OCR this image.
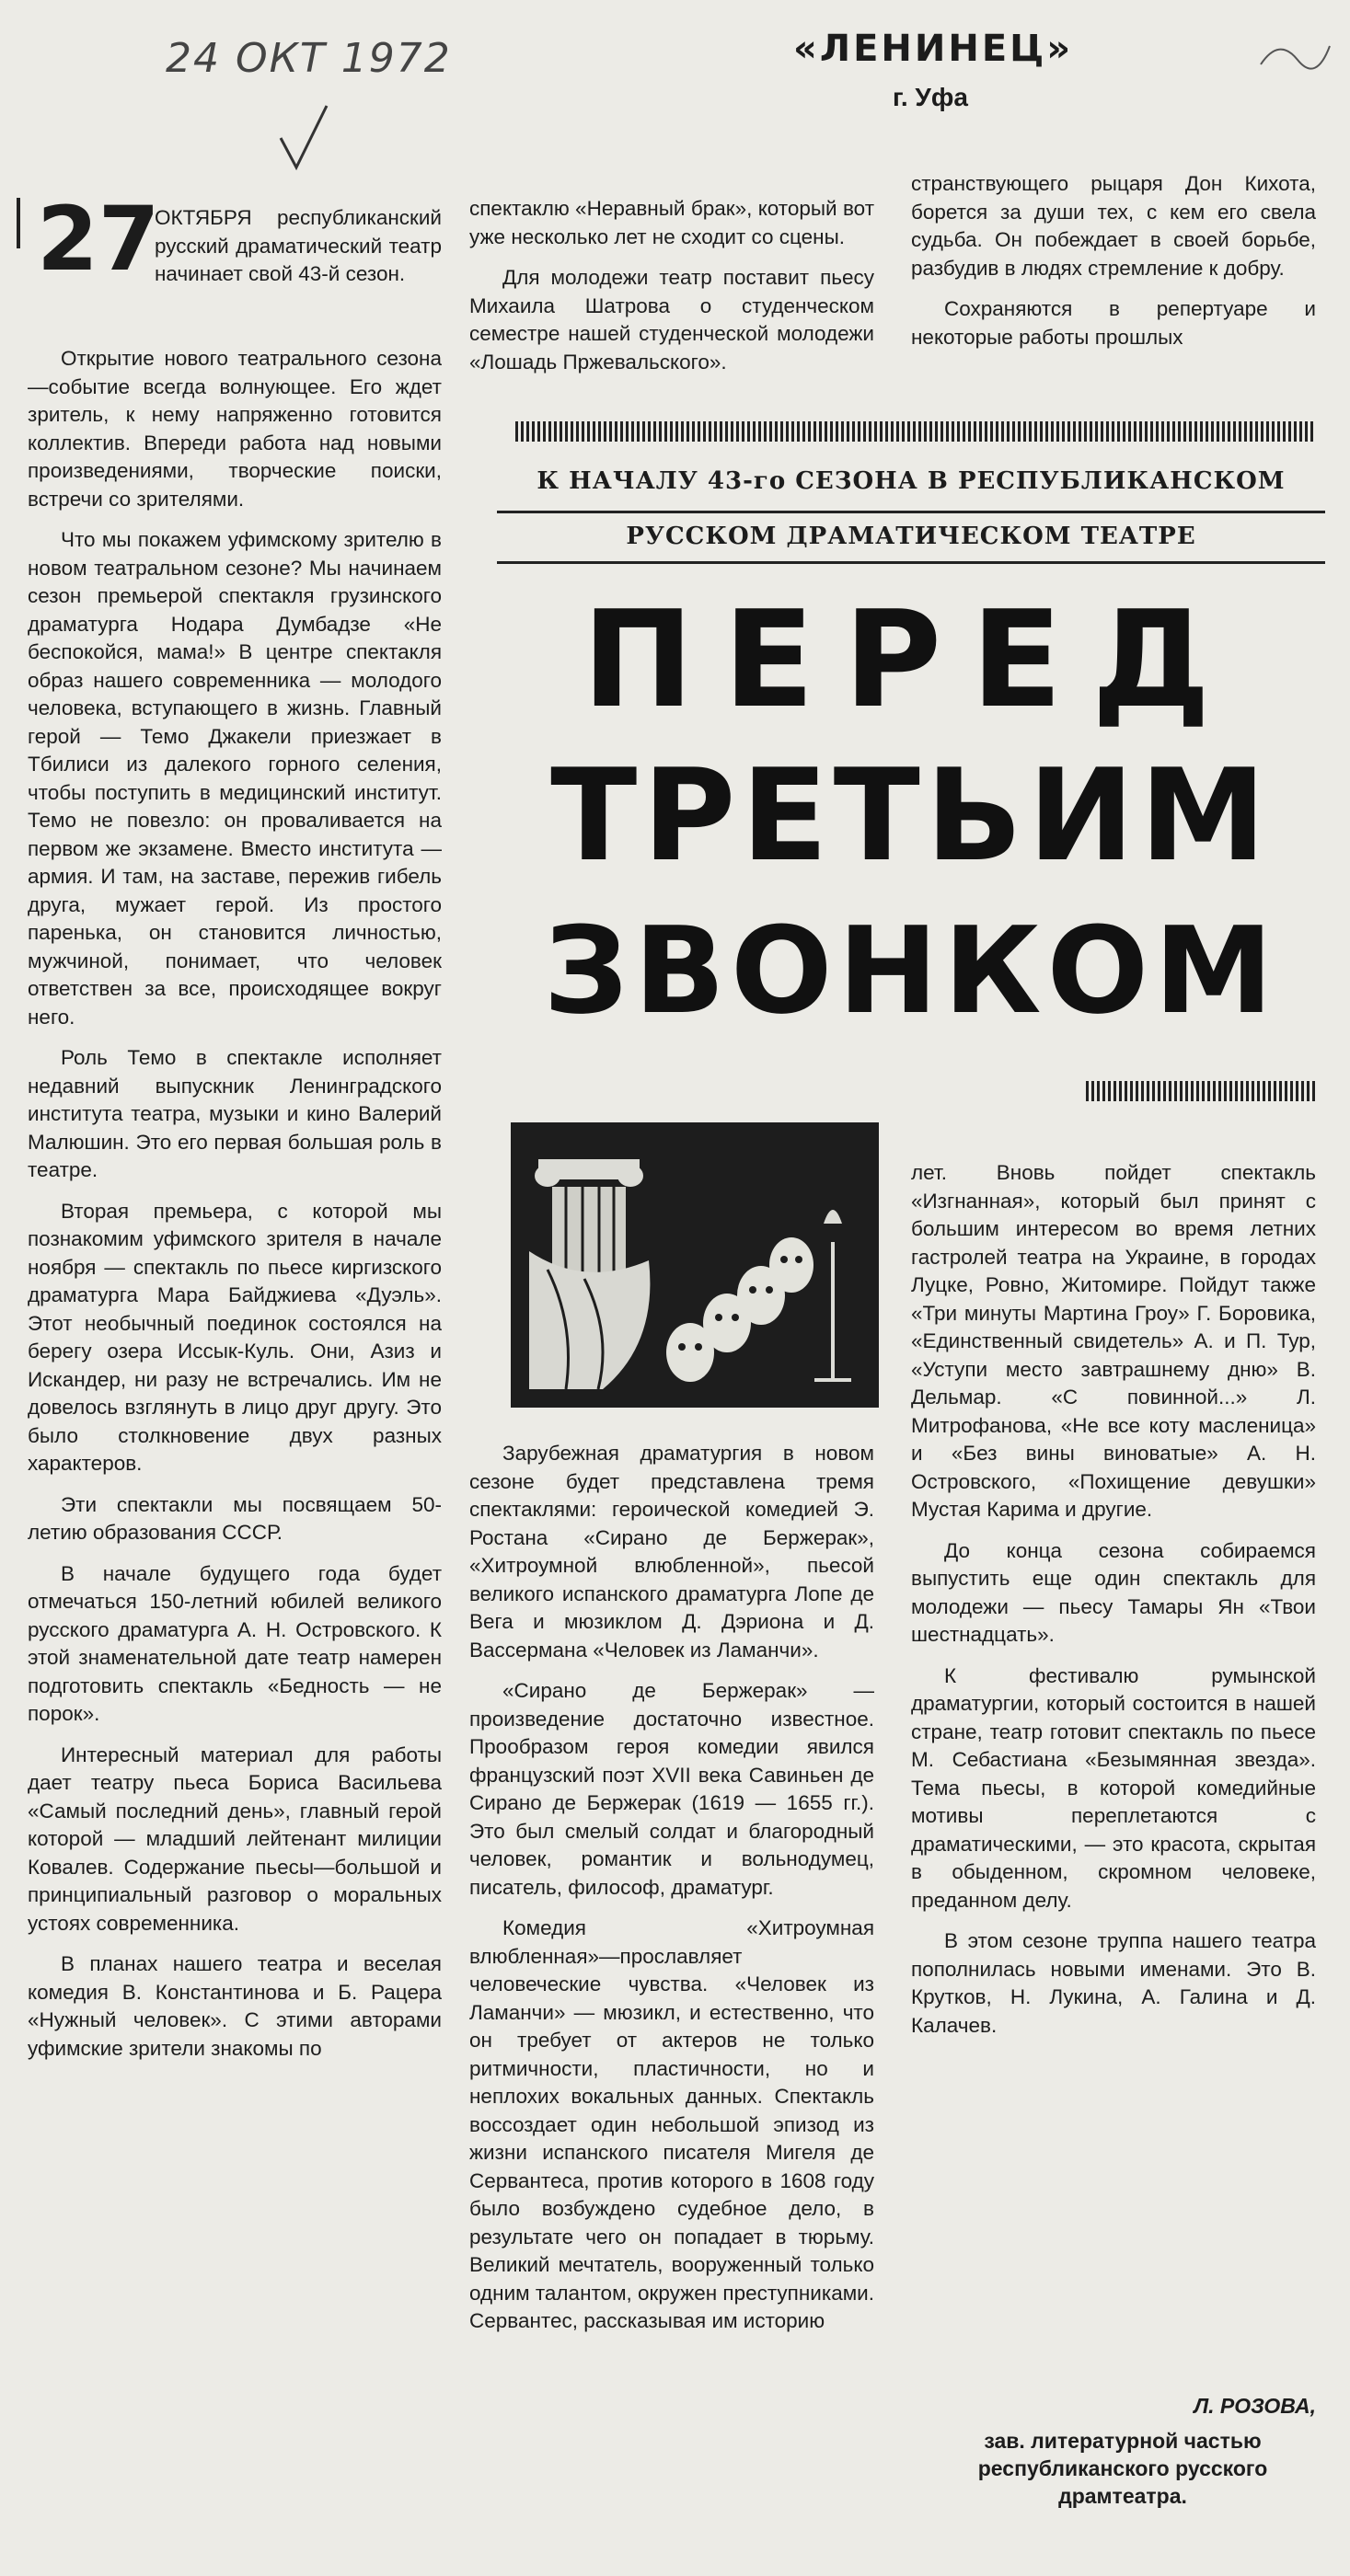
24 ОКТ 1972	«ЛЕНИНЕЦ»
г. Уфа
27
ОКТЯБРЯ республиканский русский драматический театр начинает свой 43-й сезон.

Открытие нового театрального сезона—событие всегда волнующее. Его ждет зритель, к нему напряженно готовится коллектив. Впереди работа над новыми произведениями, творческие поиски, встречи со зрителями.

Что мы покажем уфимскому зрителю в новом театральном сезоне? Мы начинаем сезон премьерой спектакля грузинского драматурга Нодара Думбадзе «Не беспокойся, мама!» В центре спектакля образ нашего современника — молодого человека, вступающего в жизнь. Главный герой — Темо Джакели приезжает в Тбилиси из далекого горного селения, чтобы поступить в медицинский институт. Темо не повезло: он проваливается на первом же экзамене. Вместо института — армия. И там, на заставе, пережив гибель друга, мужает герой. Из простого паренька, он становится личностью, мужчиной, понимает, что человек ответствен за все, происходящее вокруг него.

Роль Темо в спектакле исполняет недавний выпускник Ленинградского института театра, музыки и кино Валерий Малюшин. Это его первая большая роль в театре.

Вторая премьера, с которой мы познакомим уфимского зрителя в начале ноября — спектакль по пьесе киргизского драматурга Мара Байджиева «Дуэль». Этот необычный поединок состоялся на берегу озера Иссык-Куль. Они, Азиз и Искандер, ни разу не встречались. Им не довелось взглянуть в лицо друг другу. Это было столкновение двух разных характеров.

Эти спектакли мы посвящаем 50-летию образования СССР.

В начале будущего года будет отмечаться 150-летний юбилей великого русского драматурга А. Н. Островского. К этой знаменательной дате театр намерен подготовить спектакль «Бедность — не порок».

Интересный материал для работы дает театру пьеса Бориса Васильева «Самый последний день», главный герой которой — младший лейтенант милиции Ковалев. Содержание пьесы—большой и принципиальный разговор о моральных устоях современника.

В планах нашего театра и веселая комедия В. Константинова и Б. Рацера «Нужный человек». С этими авторами уфимские зрители знакомы по

спектаклю «Неравный брак», который вот уже несколько лет не сходит со сцены.

Для молодежи театр поставит пьесу Михаила Шатрова о студенческом семестре нашей студенческой молодежи «Лошадь Пржевальского».

странствующего рыцаря Дон Кихота, борется за души тех, с кем его свела судьба. Он побеждает в своей борьбе, разбудив в людях стремление к добру.

Сохраняются в репертуаре и некоторые работы прошлых

К НАЧАЛУ 43-го СЕЗОНА В РЕСПУБЛИКАНСКОМ
РУССКОМ ДРАМАТИЧЕСКОМ ТЕАТРЕ
ПЕРЕД
ТРЕТЬИМ
ЗВОНКОМ

Зарубежная драматургия в новом сезоне будет представлена тремя спектаклями: героической комедией Э. Ростана «Сирано де Бержерак», «Хитроумной влюбленной», пьесой великого испанского драматурга Лопе де Вега и мюзиклом Д. Дэриона и Д. Вассермана «Человек из Ламанчи».

«Сирано де Бержерак» — произведение достаточно известное. Прообразом героя комедии явился французский поэт XVII века Савиньен де Сирано де Бержерак (1619 — 1655 гг.). Это был смелый солдат и благородный человек, романтик и вольнодумец, писатель, философ, драматург.

Комедия «Хитроумная влюбленная»—прославляет человеческие чувства. «Человек из Ламанчи» — мюзикл, и естественно, что он требует от актеров не только ритмичности, пластичности, но и неплохих вокальных данных. Спектакль воссоздает один небольшой эпизод из жизни испанского писателя Мигеля де Сервантеса, против которого в 1608 году было возбуждено судебное дело, в результате чего он попадает в тюрьму. Великий мечтатель, вооруженный только одним талантом, окружен преступниками. Сервантес, рассказывая им историю

лет. Вновь пойдет спектакль «Изгнанная», который был принят с большим интересом во время летних гастролей театра на Украине, в городах Луцке, Ровно, Житомире. Пойдут также «Три минуты Мартина Гроу» Г. Боровика, «Единственный свидетель» А. и П. Тур, «Уступи место завтрашнему дню» В. Дельмар. «С повинной...» Л. Митрофанова, «Не все коту масленица» и «Без вины виноватые» А. Н. Островского, «Похищение девушки» Мустая Карима и другие.

До конца сезона собираемся выпустить еще один спектакль для молодежи — пьесу Тамары Ян «Твои шестнадцать».

К фестивалю румынской драматургии, который состоится в нашей стране, театр готовит спектакль по пьесе М. Себастиана «Безымянная звезда». Тема пьесы, в которой комедийные мотивы переплетаются с драматическими, — это красота, скрытая в обыденном, скромном человеке, преданном делу.

В этом сезоне труппа нашего театра пополнилась новыми именами. Это В. Крутков, Н. Лукина, А. Галина и Д. Калачев.

Л. РОЗОВА,
зав. литературной частью республиканского русского драмтеатра.
